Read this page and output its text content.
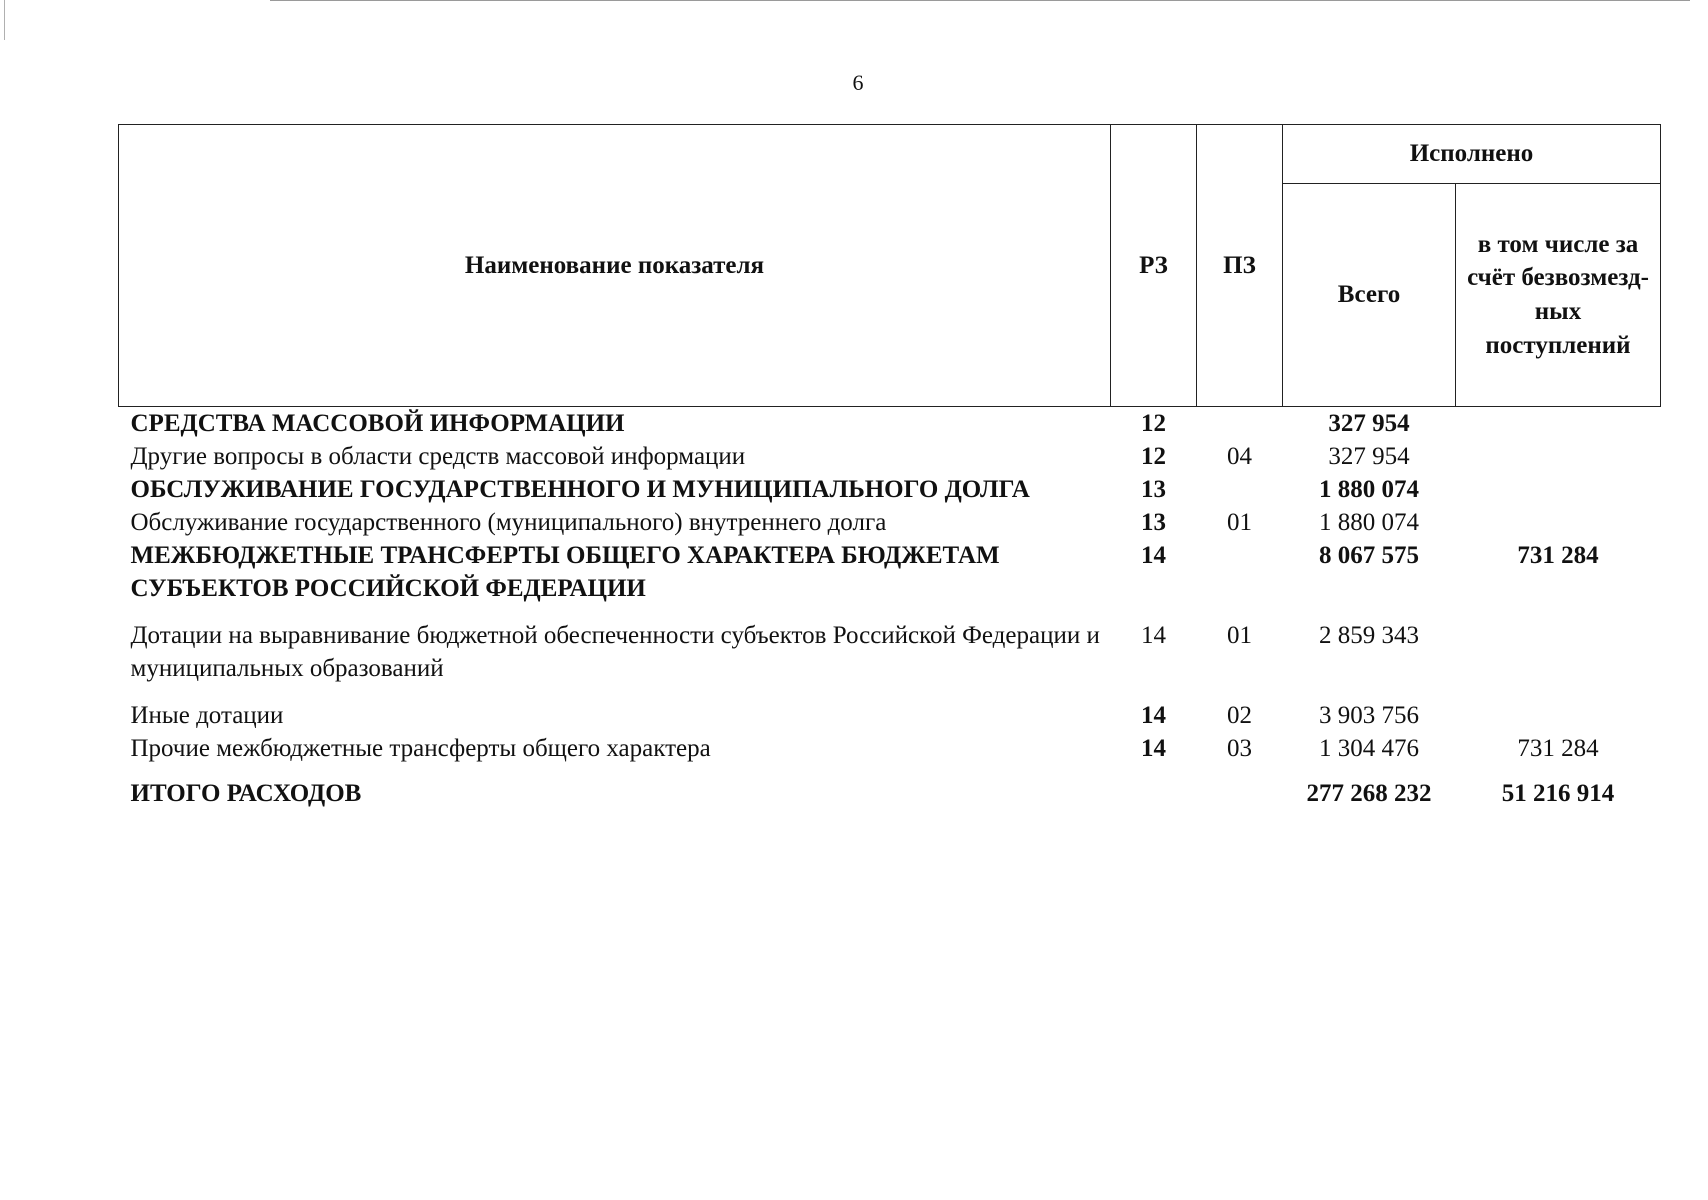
6
Наименование показателя	РЗ	ПЗ	Исполнено	
			Всего	в том числе за счёт безвозмезд-ных поступлений
СРЕДСТВА МАССОВОЙ ИНФОРМАЦИИ	12		327 954	
Другие вопросы в области средств массовой информации	12	04	327 954	
ОБСЛУЖИВАНИЕ ГОСУДАРСТВЕННОГО И МУНИЦИПАЛЬНОГО ДОЛГА	13		1 880 074	
Обслуживание государственного (муниципального) внутреннего долга	13	01	1 880 074	
МЕЖБЮДЖЕТНЫЕ ТРАНСФЕРТЫ ОБЩЕГО ХАРАКТЕРА БЮДЖЕТАМ СУБЪЕКТОВ РОССИЙСКОЙ ФЕДЕРАЦИИ	14		8 067 575	731 284
Дотации на выравнивание бюджетной обеспеченности субъектов Российской Федерации и муниципальных образований	14	01	2 859 343	
Иные дотации	14	02	3 903 756	
Прочие межбюджетные трансферты общего характера	14	03	1 304 476	731 284
ИТОГО РАСХОДОВ			277 268 232	51 216 914
